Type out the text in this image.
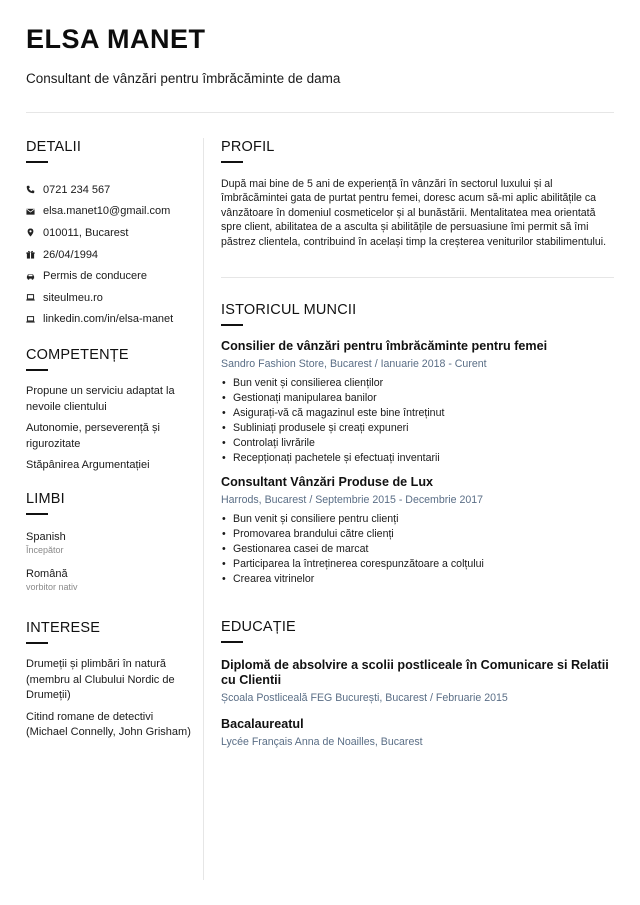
ELSA MANET
Consultant de vânzări pentru îmbrăcăminte de dama
DETALII
0721 234 567
elsa.manet10@gmail.com
010011, Bucarest
26/04/1994
Permis de conducere
siteulmeu.ro
linkedin.com/in/elsa-manet
COMPETENȚE
Propune un serviciu adaptat la nevoile clientului
Autonomie, perseverență și rigurozitate
Stăpânirea Argumentației
LIMBI
Spanish
Începător
Română
vorbitor nativ
INTERESE
Drumeții și plimbări în natură (membru al Clubului Nordic de Drumeții)
Citind romane de detectivi (Michael Connelly, John Grisham)
PROFIL
După mai bine de 5 ani de experiență în vânzări în sectorul luxului și al îmbrăcămintei gata de purtat pentru femei, doresc acum să-mi aplic abilitățile ca vânzătoare în domeniul cosmeticelor și al bunăstării. Mentalitatea mea orientată spre client, abilitatea de a asculta și abilitățile de persuasiune îmi permit să îmi păstrez clientela, contribuind în același timp la creșterea veniturilor stabilimentului.
ISTORICUL MUNCII
Consilier de vânzări pentru îmbrăcăminte pentru femei
Sandro Fashion Store, Bucarest / Ianuarie 2018 - Curent
• Bun venit și consilierea clienților
• Gestionați manipularea banilor
• Asigurați-vă că magazinul este bine întreținut
• Subliniați produsele și creați expuneri
• Controlați livrările
• Recepționați pachetele și efectuați inventarii
Consultant Vânzări Produse de Lux
Harrods, Bucarest / Septembrie 2015 - Decembrie 2017
• Bun venit și consiliere pentru clienți
• Promovarea brandului către clienți
• Gestionarea casei de marcat
• Participarea la întreținerea corespunzătoare a colțului
• Crearea vitrinelor
EDUCAȚIE
Diplomă de absolvire a scolii postliceale în Comunicare si Relatii cu Clientii
Școala Postliceală FEG București, Bucarest / Februarie 2015
Bacalaureatul
Lycée Français Anna de Noailles, Bucarest
